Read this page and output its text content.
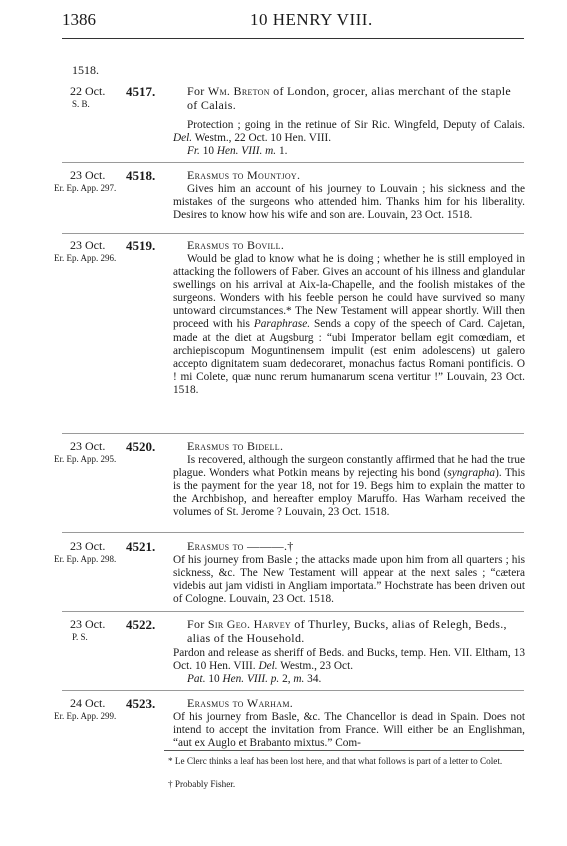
1386	10 HENRY VIII.
1518.
22 Oct.
S. B.
4517.	For Wm. Breton of London, grocer, alias merchant of the staple of Calais.
Protection ; going in the retinue of Sir Ric. Wingfeld, Deputy of Calais. Del. Westm., 22 Oct. 10 Hen. VIII.
Fr. 10 Hen. VIII. m. 1.
23 Oct.
Er. Ep. App. 297.
4518.	Erasmus to Mountjoy.
Gives him an account of his journey to Louvain ; his sickness and the mistakes of the surgeons who attended him. Thanks him for his liberality. Desires to know how his wife and son are. Louvain, 23 Oct. 1518.
23 Oct.
Er. Ep. App. 296.
4519.	Erasmus to Bovill.
Would be glad to know what he is doing ; whether he is still employed in attacking the followers of Faber. Gives an account of his illness and glandular swellings on his arrival at Aix-la-Chapelle, and the foolish mistakes of the surgeons. Wonders with his feeble person he could have survived so many untoward circumstances.* The New Testament will appear shortly. Will then proceed with his Paraphrase. Sends a copy of the speech of Card. Cajetan, made at the diet at Augsburg : “ubi Imperator bellam egit comœdiam, et archiepiscopum Moguntinensem impulit (est enim adolescens) ut galero accepto dignitatem suam dedecoraret, monachus factus Romani pontificis. O ! mi Colete, quæ nunc rerum humanarum scena vertitur !” Louvain, 23 Oct. 1518.
23 Oct.
Er. Ep. App. 295.
4520.	Erasmus to Bidell.
Is recovered, although the surgeon constantly affirmed that he had the true plague. Wonders what Potkin means by rejecting his bond (syngrapha). This is the payment for the year 18, not for 19. Begs him to explain the matter to the Archbishop, and hereafter employ Maruffo. Has Warham received the volumes of St. Jerome ? Louvain, 23 Oct. 1518.
23 Oct.
Er. Ep. App. 298.
4521.	Erasmus to ———.†
Of his journey from Basle ; the attacks made upon him from all quarters ; his sickness, &c. The New Testament will appear at the next sales ; “cætera videbis aut jam vidisti in Angliam importata.” Hochstrate has been driven out of Cologne. Louvain, 23 Oct. 1518.
23 Oct.
P. S.
4522.	For Sir Geo. Harvey of Thurley, Bucks, alias of Relegh, Beds., alias of the Household.
Pardon and release as sheriff of Beds. and Bucks, temp. Hen. VII. Eltham, 13 Oct. 10 Hen. VIII. Del. Westm., 23 Oct.
Pat. 10 Hen. VIII. p. 2, m. 34.
24 Oct.
Er. Ep. App. 299.
4523.	Erasmus to Warham.
Of his journey from Basle, &c. The Chancellor is dead in Spain. Does not intend to accept the invitation from France. Will either be an Englishman, “aut ex Auglo et Brabanto mixtus.” Com-
* Le Clerc thinks a leaf has been lost here, and that what follows is part of a letter to Colet.
† Probably Fisher.
